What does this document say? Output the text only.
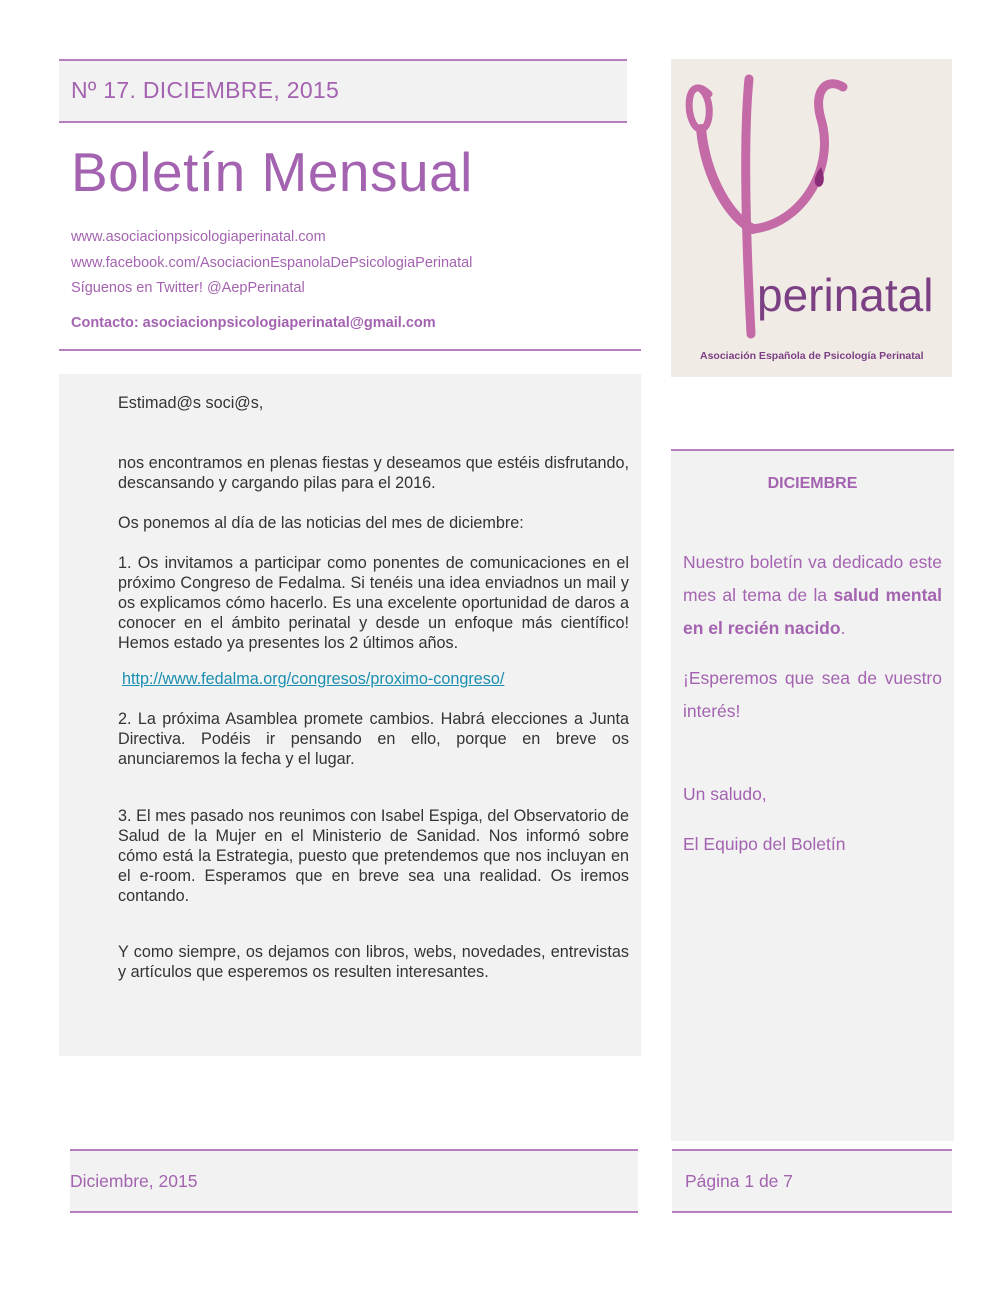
Nº 17. DICIEMBRE, 2015
Boletín Mensual
www.asociacionpsicologiaperinatal.com
www.facebook.com/AsociacionEspanolaDePsicologiaPerinatal
Síguenos en Twitter! @AepPerinatal
Contacto: asociacionpsicologiaperinatal@gmail.com
perinatal
Asociación Española de Psicología Perinatal

Estimad@s soci@s,

nos encontramos en plenas fiestas y deseamos que estéis disfrutando, descansando y cargando pilas para el 2016.

Os ponemos al día de las noticias del mes de diciembre:

1. Os invitamos a participar como ponentes de comunicaciones en el próximo Congreso de Fedalma. Si tenéis una idea enviadnos un mail y os explicamos cómo hacerlo. Es una excelente oportunidad de daros a conocer en el ámbito perinatal y desde un enfoque más científico! Hemos estado ya presentes los 2 últimos años.

http://www.fedalma.org/congresos/proximo-congreso/

2. La próxima Asamblea promete cambios. Habrá elecciones a Junta Directiva. Podéis ir pensando en ello, porque en breve os anunciaremos la fecha y el lugar.

3. El mes pasado nos reunimos con Isabel Espiga, del Observatorio de Salud de la Mujer en el Ministerio de Sanidad. Nos informó sobre cómo está la Estrategia, puesto que pretendemos que nos incluyan en el e-room. Esperamos que en breve sea una realidad. Os iremos contando.

Y como siempre, os dejamos con libros, webs, novedades, entrevistas y artículos que esperemos os resulten interesantes.

DICIEMBRE

Nuestro boletín va dedicado este mes al tema de la salud mental en el recién nacido.

¡Esperemos que sea de vuestro interés!

Un saludo,

El Equipo del Boletín

Diciembre, 2015	Página 1 de 7
